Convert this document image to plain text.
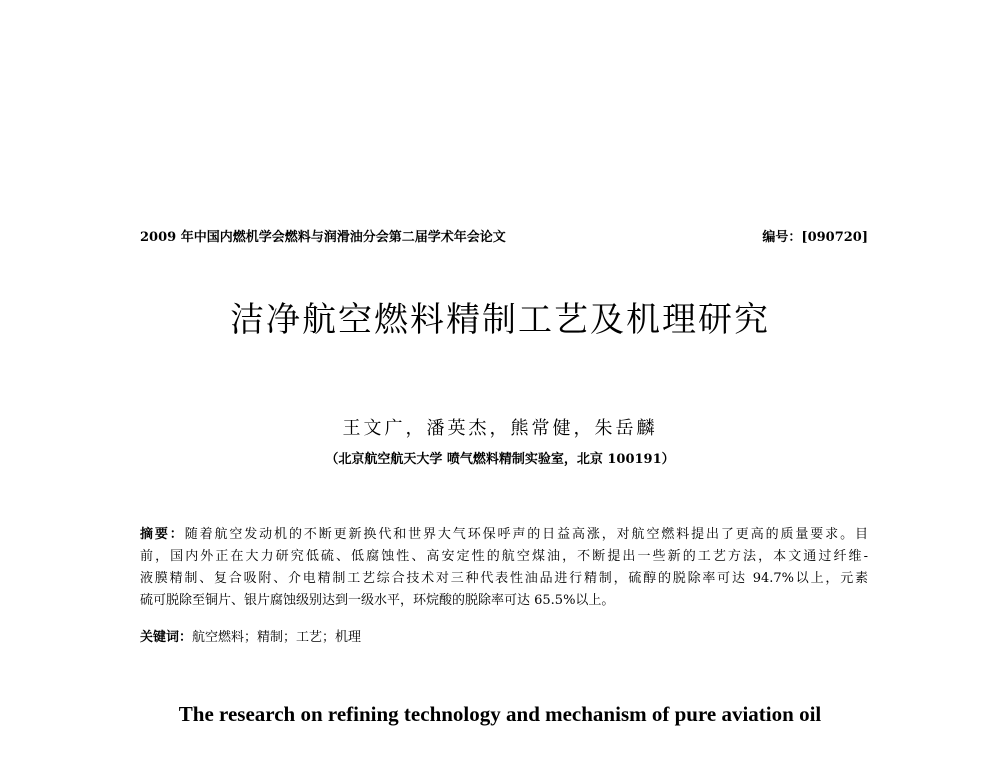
2009 年中国内燃机学会燃料与润滑油分会第二届学术年会论文	编号：[090720]
洁净航空燃料精制工艺及机理研究
王文广，潘英杰，熊常健，朱岳麟
（北京航空航天大学 喷气燃料精制实验室，北京 100191）
摘要：随着航空发动机的不断更新换代和世界大气环保呼声的日益高涨，对航空燃料提出了更高的质量要求。目
前，国内外正在大力研究低硫、低腐蚀性、高安定性的航空煤油，不断提出一些新的工艺方法，本文通过纤维-
液膜精制、复合吸附、介电精制工艺综合技术对三种代表性油品进行精制，硫醇的脱除率可达 94.7%以上，元素
硫可脱除至铜片、银片腐蚀级别达到一级水平，环烷酸的脱除率可达 65.5%以上。
关键词：航空燃料；精制；工艺；机理
The research on refining technology and mechanism of pure aviation oil
